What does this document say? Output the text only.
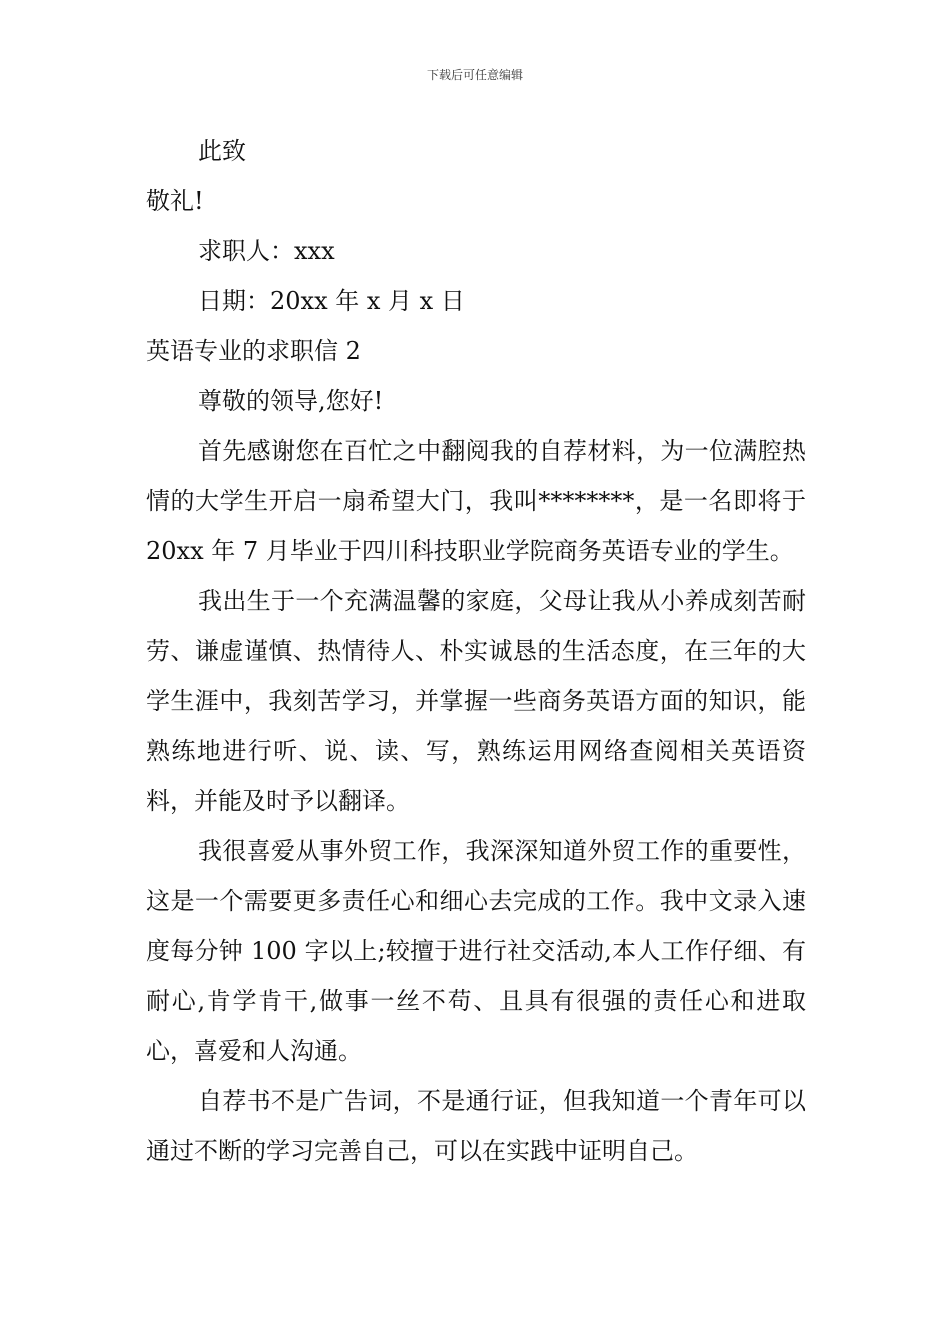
下载后可任意编辑
此致
敬礼!
求职人：xxx
日期：20xx 年 x 月 x 日
英语专业的求职信 2
尊敬的领导,您好!

首先感谢您在百忙之中翻阅我的自荐材料，为一位满腔热情的大学生开启一扇希望大门，我叫********，是一名即将于 20xx 年 7 月毕业于四川科技职业学院商务英语专业的学生。

我出生于一个充满温馨的家庭，父母让我从小养成刻苦耐劳、谦虚谨慎、热情待人、朴实诚恳的生活态度，在三年的大学生涯中，我刻苦学习，并掌握一些商务英语方面的知识，能熟练地进行听、说、读、写，熟练运用网络查阅相关英语资料，并能及时予以翻译。

我很喜爱从事外贸工作，我深深知道外贸工作的重要性，这是一个需要更多责任心和细心去完成的工作。我中文录入速度每分钟 100 字以上;较擅于进行社交活动,本人工作仔细、有耐心,肯学肯干,做事一丝不苟、且具有很强的责任心和进取心，喜爱和人沟通。

自荐书不是广告词，不是通行证，但我知道一个青年可以通过不断的学习完善自己，可以在实践中证明自己。
